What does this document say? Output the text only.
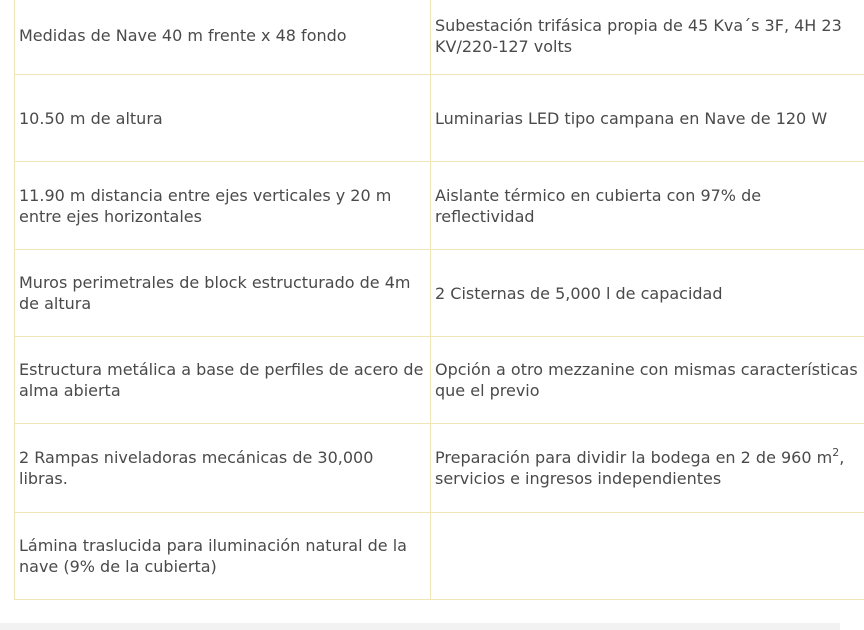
Medidas de Nave 40 m frente x 48 fondo	Subestación trifásica propia de 45 Kva´s 3F, 4H 23 KV/220-127 volts
10.50 m de altura	Luminarias LED tipo campana en Nave de 120 W
11.90 m distancia entre ejes verticales y 20 m entre ejes horizontales	Aislante térmico en cubierta con 97% de reflectividad
Muros perimetrales de block estructurado de 4m de altura	2 Cisternas de 5,000 l de capacidad
Estructura metálica a base de perfiles de acero de alma abierta	Opción a otro mezzanine con mismas características que el previo
2 Rampas niveladoras mecánicas de 30,000 libras.	Preparación para dividir la bodega en 2 de 960 $m^2$, servicios e ingresos independientes
Lámina traslucida para iluminación natural de la nave (9% de la cubierta)	
